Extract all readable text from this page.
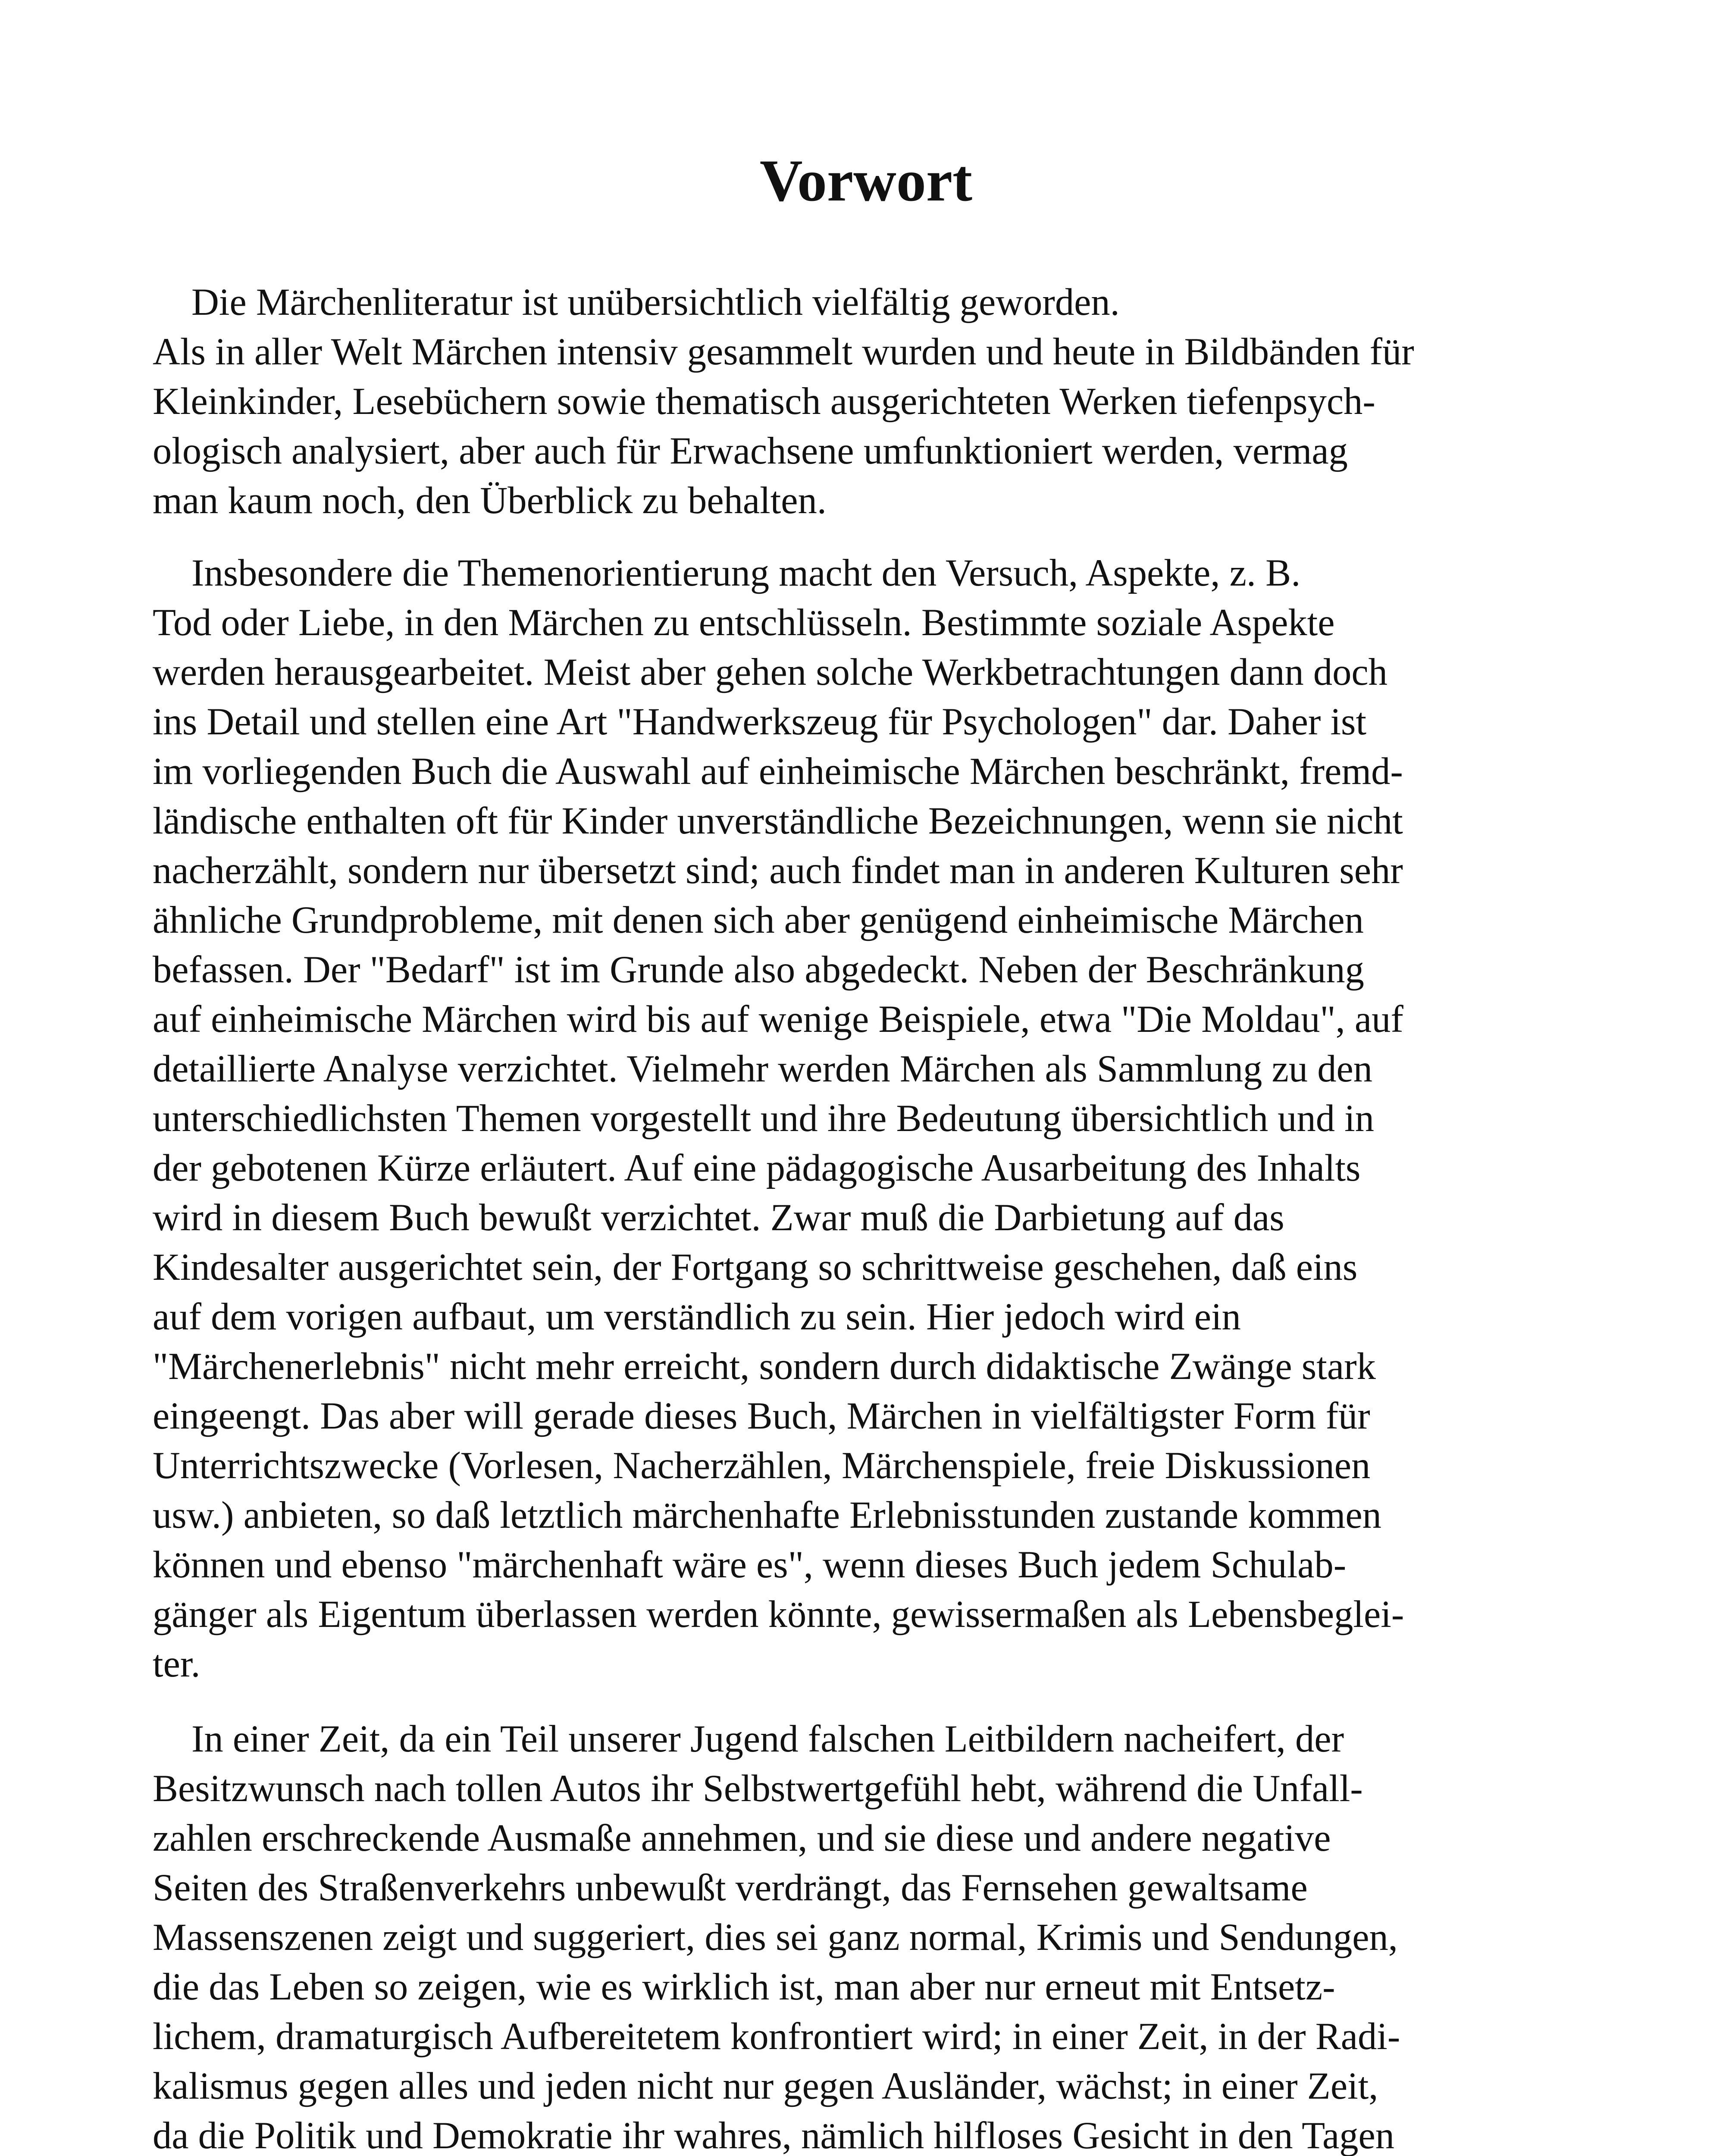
Vorwort
Die Märchenliteratur ist unübersichtlich vielfältig geworden.
Als in aller Welt Märchen intensiv gesammelt wurden und heute in Bildbänden für
Kleinkinder, Lesebüchern sowie thematisch ausgerichteten Werken tiefenpsych-
ologisch analysiert, aber auch für Erwachsene umfunktioniert werden, vermag
man kaum noch, den Überblick zu behalten.
Insbesondere die Themenorientierung macht den Versuch, Aspekte, z. B.
Tod oder Liebe, in den Märchen zu entschlüsseln. Bestimmte soziale Aspekte
werden herausgearbeitet. Meist aber gehen solche Werkbetrachtungen dann doch
ins Detail und stellen eine Art "Handwerkszeug für Psychologen" dar. Daher ist
im vorliegenden Buch die Auswahl auf einheimische Märchen beschränkt, fremd-
ländische enthalten oft für Kinder unverständliche Bezeichnungen, wenn sie nicht
nacherzählt, sondern nur übersetzt sind; auch findet man in anderen Kulturen sehr
ähnliche Grundprobleme, mit denen sich aber genügend einheimische Märchen
befassen. Der "Bedarf" ist im Grunde also abgedeckt. Neben der Beschränkung
auf einheimische Märchen wird bis auf wenige Beispiele, etwa "Die Moldau", auf
detaillierte Analyse verzichtet. Vielmehr werden Märchen als Sammlung zu den
unterschiedlichsten Themen vorgestellt und ihre Bedeutung übersichtlich und in
der gebotenen Kürze erläutert. Auf eine pädagogische Ausarbeitung des Inhalts
wird in diesem Buch bewußt verzichtet. Zwar muß die Darbietung auf das
Kindesalter ausgerichtet sein, der Fortgang so schrittweise geschehen, daß eins
auf dem vorigen aufbaut, um verständlich zu sein. Hier jedoch wird ein
"Märchenerlebnis" nicht mehr erreicht, sondern durch didaktische Zwänge stark
eingeengt. Das aber will gerade dieses Buch, Märchen in vielfältigster Form für
Unterrichtszwecke (Vorlesen, Nacherzählen, Märchenspiele, freie Diskussionen
usw.) anbieten, so daß letztlich märchenhafte Erlebnisstunden zustande kommen
können und ebenso "märchenhaft wäre es", wenn dieses Buch jedem Schulab-
gänger als Eigentum überlassen werden könnte, gewissermaßen als Lebensbeglei-
ter.
In einer Zeit, da ein Teil unserer Jugend falschen Leitbildern nacheifert, der
Besitzwunsch nach tollen Autos ihr Selbstwertgefühl hebt, während die Unfall-
zahlen erschreckende Ausmaße annehmen, und sie diese und andere negative
Seiten des Straßenverkehrs unbewußt verdrängt, das Fernsehen gewaltsame
Massenszenen zeigt und suggeriert, dies sei ganz normal, Krimis und Sendungen,
die das Leben so zeigen, wie es wirklich ist, man aber nur erneut mit Entsetz-
lichem, dramaturgisch Aufbereitetem konfrontiert wird; in einer Zeit, in der Radi-
kalismus gegen alles und jeden nicht nur gegen Ausländer, wächst; in einer Zeit,
da die Politik und Demokratie ihr wahres, nämlich hilfloses Gesicht in den Tagen
